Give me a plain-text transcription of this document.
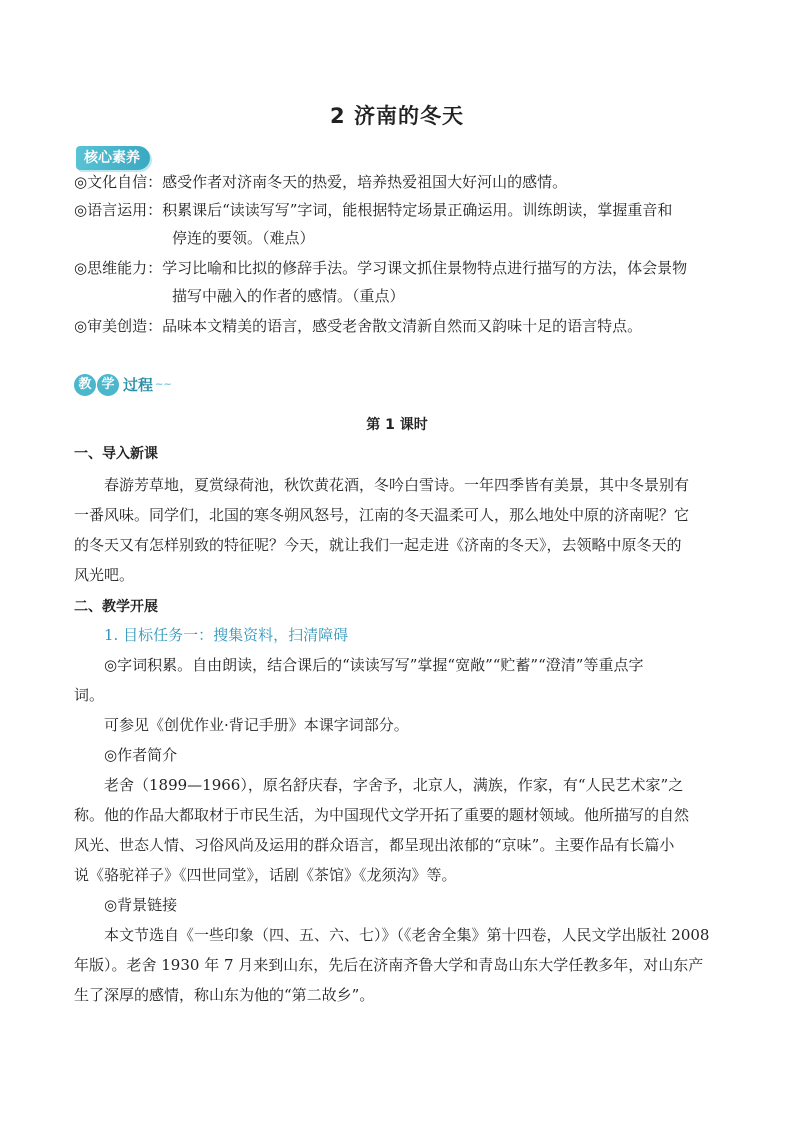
2 济南的冬天
核心素养
◎文化自信：感受作者对济南冬天的热爱，培养热爱祖国大好河山的感情。
◎语言运用：积累课后“读读写写”字词，能根据特定场景正确运用。训练朗读，掌握重音和
停连的要领。（难点）
◎思维能力：学习比喻和比拟的修辞手法。学习课文抓住景物特点进行描写的方法，体会景物
描写中融入的作者的感情。（重点）
◎审美创造：品味本文精美的语言，感受老舍散文清新自然而又韵味十足的语言特点。
教 学 过程 ~~
第 1 课时
一、导入新课
春游芳草地，夏赏绿荷池，秋饮黄花酒，冬吟白雪诗。一年四季皆有美景，其中冬景别有
一番风味。同学们，北国的寒冬朔风怒号，江南的冬天温柔可人，那么地处中原的济南呢？它
的冬天又有怎样别致的特征呢？今天，就让我们一起走进《济南的冬天》，去领略中原冬天的
风光吧。
二、教学开展
1. 目标任务一：搜集资料，扫清障碍
◎字词积累。自由朗读，结合课后的“读读写写”掌握“宽敞”“贮蓄”“澄清”等重点字
词。
可参见《创优作业·背记手册》本课字词部分。
◎作者简介
老舍（1899—1966），原名舒庆春，字舍予，北京人，满族，作家，有“人民艺术家”之
称。他的作品大都取材于市民生活，为中国现代文学开拓了重要的题材领域。他所描写的自然
风光、世态人情、习俗风尚及运用的群众语言，都呈现出浓郁的“京味”。主要作品有长篇小
说《骆驼祥子》《四世同堂》，话剧《茶馆》《龙须沟》等。
◎背景链接
本文节选自《一些印象（四、五、六、七）》（《老舍全集》第十四卷，人民文学出版社 2008
年版）。老舍 1930 年 7 月来到山东，先后在济南齐鲁大学和青岛山东大学任教多年，对山东产
生了深厚的感情，称山东为他的“第二故乡”。
